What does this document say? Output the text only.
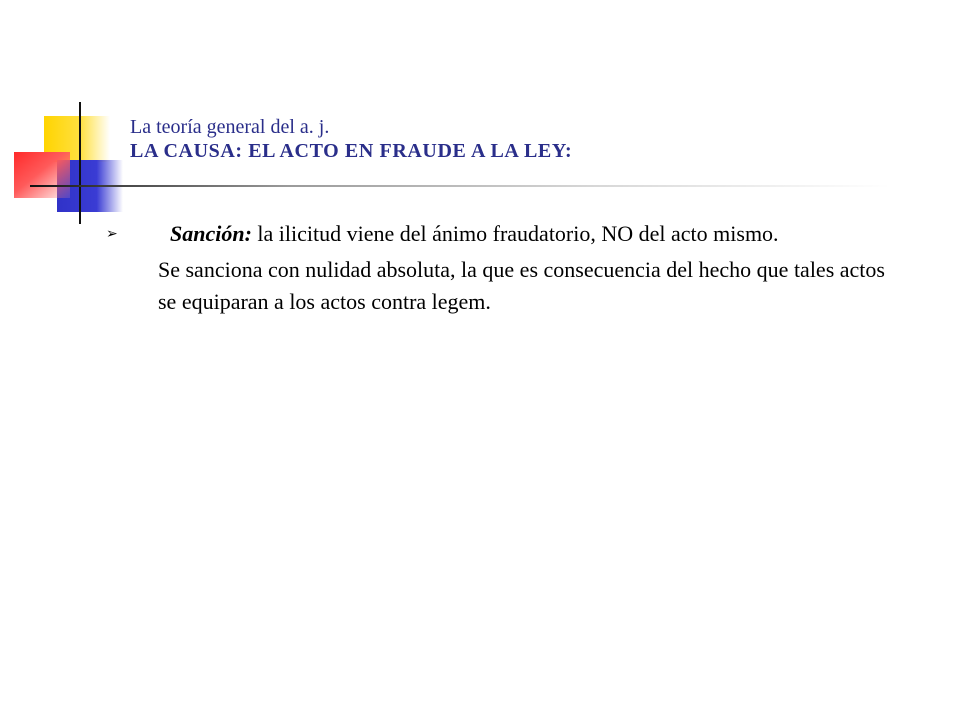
La teoría general del a. j.
LA CAUSA: EL ACTO EN FRAUDE A LA LEY:
➢ Sanción: la ilicitud viene del ánimo fraudatorio, NO del acto mismo.
Se sanciona con nulidad absoluta, la que es consecuencia del hecho que tales actos se equiparan a los actos contra legem.
